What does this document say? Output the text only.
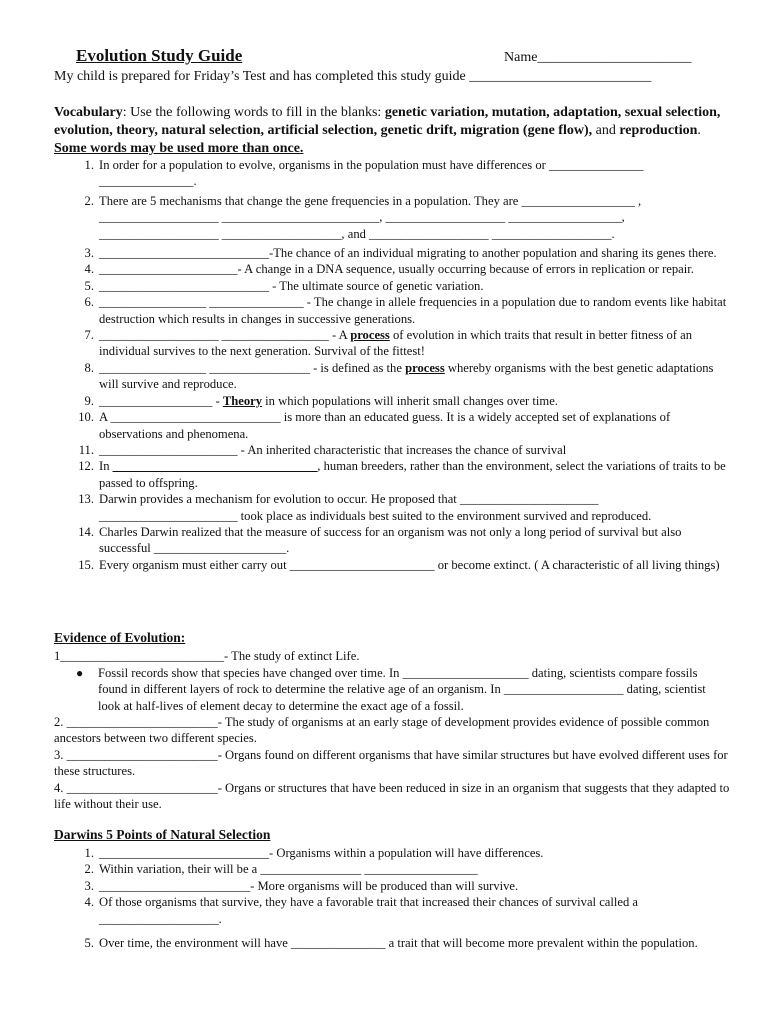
Evolution Study Guide	Name______________________
My child is prepared for Friday’s Test and has completed this study guide __________________________
Vocabulary: Use the following words to fill in the blanks: genetic variation, mutation, adaptation, sexual selection, evolution, theory, natural selection, artificial selection, genetic drift, migration (gene flow), and reproduction. Some words may be used more than once.
1. In order for a population to evolve, organisms in the population must have differences or _______________ _______________.
2. There are 5 mechanisms that change the gene frequencies in a population. They are __________________ , ___________________ _________________________, ___________________ __________________, ___________________ ___________________, and ___________________ ___________________.
3. ___________________________-The chance of an individual migrating to another population and sharing its genes there.
4. ______________________- A change in a DNA sequence, usually occurring because of errors in replication or repair.
5. ___________________________ - The ultimate source of genetic variation.
6. _________________ _______________ - The change in allele frequencies in a population due to random events like habitat destruction which results in changes in successive generations.
7. ___________________ _________________ - A process of evolution in which traits that result in better fitness of an individual survives to the next generation. Survival of the fittest!
8. _________________ ________________ - is defined as the process whereby organisms with the best genetic adaptations will survive and reproduce.
9. __________________ - Theory in which populations will inherit small changes over time.
10. A ___________________________ is more than an educated guess. It is a widely accepted set of explanations of observations and phenomena.
11. ______________________ - An inherited characteristic that increases the chance of survival
12. In _______________ _________________, human breeders, rather than the environment, select the variations of traits to be passed to offspring.
13. Darwin provides a mechanism for evolution to occur. He proposed that ______________________ ______________________ took place as individuals best suited to the environment survived and reproduced.
14. Charles Darwin realized that the measure of success for an organism was not only a long period of survival but also successful _____________________.
15. Every organism must either carry out _______________________ or become extinct. ( A characteristic of all living things)
Evidence of Evolution:
1__________________________- The study of extinct Life.
● Fossil records show that species have changed over time. In ____________________ dating, scientists compare fossils found in different layers of rock to determine the relative age of an organism. In ___________________ dating, scientist look at half-lives of element decay to determine the exact age of a fossil.
2. ________________________- The study of organisms at an early stage of development provides evidence of possible common ancestors between two different species.
3. ________________________- Organs found on different organisms that have similar structures but have evolved different uses for these structures.
4. ________________________- Organs or structures that have been reduced in size in an organism that suggests that they adapted to life without their use.
Darwins 5 Points of Natural Selection
1. ___________________________- Organisms within a population will have differences.
2. Within variation, their will be a ________________ __________________
3. ________________________- More organisms will be produced than will survive.
4. Of those organisms that survive, they have a favorable trait that increased their chances of survival called a ___________________.
5. Over time, the environment will have _______________ a trait that will become more prevalent within the population.
